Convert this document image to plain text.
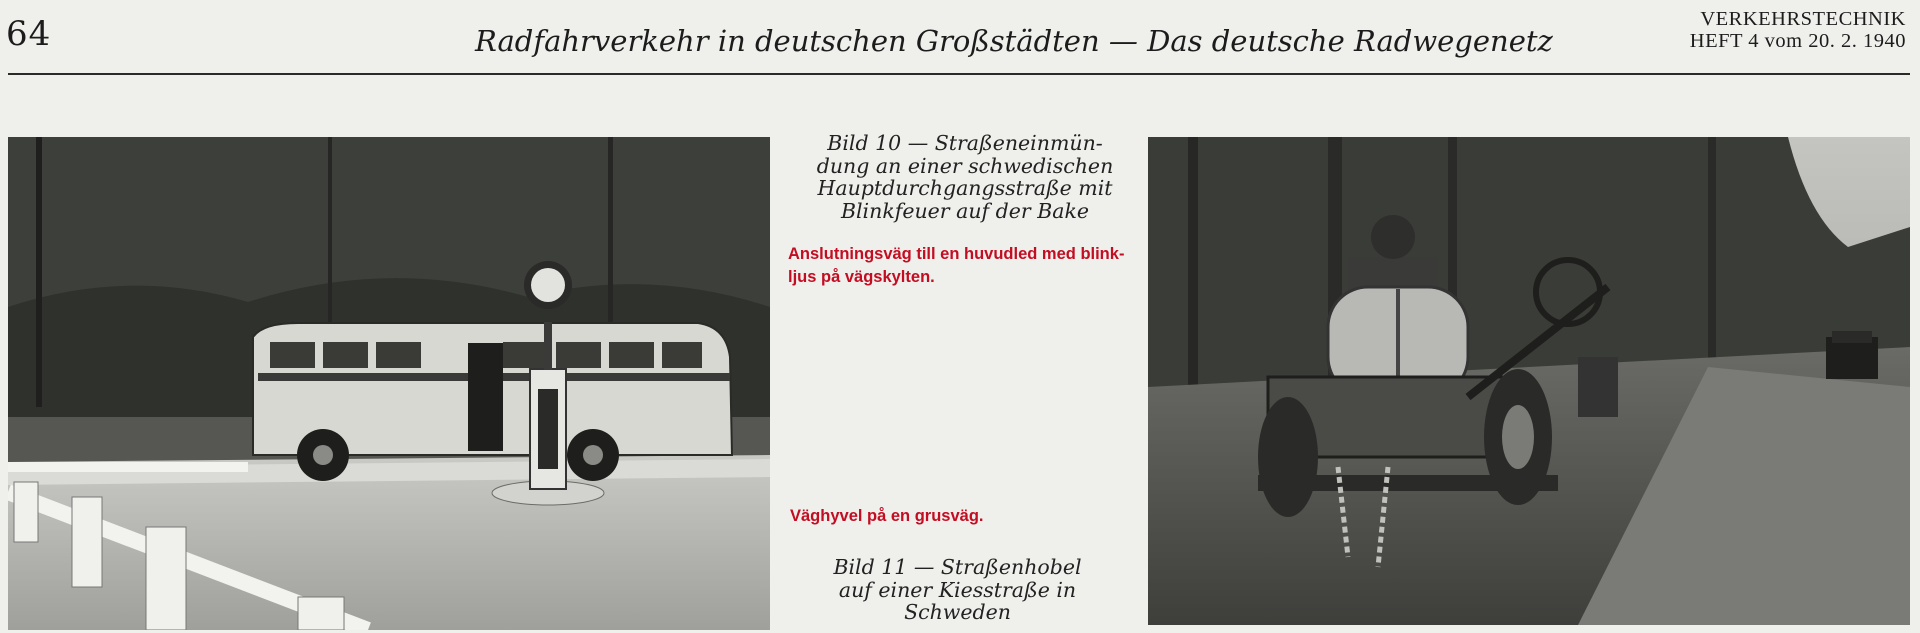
64	Radfahrverkehr in deutschen Großstädten — Das deutsche Radwegenetz
VERKEHRSTECHNIK
HEFT 4 vom 20. 2. 1940
Bild 10 — Straßeneinmün-
dung an einer schwedischen
Hauptdurchgangsstraße mit
Blinkfeuer auf der Bake
Anslutningsväg till en huvudled med blink-
ljus på vägskylten.
Väghyvel på en grusväg.
Bild 11 — Straßenhobel
auf einer Kiesstraße in
Schweden
